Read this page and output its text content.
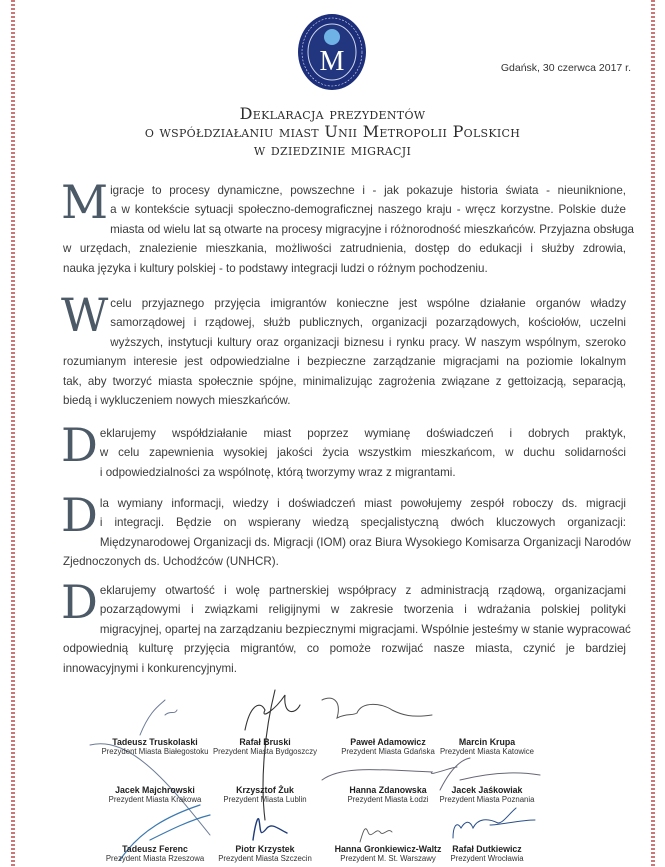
M	Gdańsk, 30 czerwca 2017 r.
Deklaracja prezydentów
o współdziałaniu miast Unii Metropolii Polskich
w dziedzinie migracji
M igracje to procesy dynamiczne, powszechne i - jak pokazuje historia świata - nieuniknione,
a w kontekście sytuacji społeczno-demograficznej naszego kraju - wręcz korzystne. Polskie duże
miasta od wielu lat są otwarte na procesy migracyjne i różnorodność mieszkańców. Przyjazna obsługa
w urzędach, znalezienie mieszkania, możliwości zatrudnienia, dostęp do edukacji i służby zdrowia,
nauka języka i kultury polskiej - to podstawy integracji ludzi o różnym pochodzeniu.
W celu przyjaznego przyjęcia imigrantów konieczne jest wspólne działanie organów władzy
samorządowej i rządowej, służb publicznych, organizacji pozarządowych, kościołów, uczelni
wyższych, instytucji kultury oraz organizacji biznesu i rynku pracy. W naszym wspólnym, szeroko
rozumianym interesie jest odpowiedzialne i bezpieczne zarządzanie migracjami na poziomie lokalnym
tak, aby tworzyć miasta społecznie spójne, minimalizując zagrożenia związane z gettoizacją, separacją,
biedą i wykluczeniem nowych mieszkańców.
D eklarujemy współdziałanie miast poprzez wymianę doświadczeń i dobrych praktyk,
w celu zapewnienia wysokiej jakości życia wszystkim mieszkańcom, w duchu solidarności
i odpowiedzialności za wspólnotę, którą tworzymy wraz z migrantami.
D la wymiany informacji, wiedzy i doświadczeń miast powołujemy zespół roboczy ds. migracji
i integracji. Będzie on wspierany wiedzą specjalistyczną dwóch kluczowych organizacji:
Międzynarodowej Organizacji ds. Migracji (IOM) oraz Biura Wysokiego Komisarza Organizacji Narodów
Zjednoczonych ds. Uchodźców (UNHCR).
D eklarujemy otwartość i wolę partnerskiej współpracy z administracją rządową, organizacjami
pozarządowymi i związkami religijnymi w zakresie tworzenia i wdrażania polskiej polityki
migracyjnej, opartej na zarządzaniu bezpiecznymi migracjami. Wspólnie jesteśmy w stanie wypracować
odpowiednią kulturę przyjęcia migrantów, co pomoże rozwijać nasze miasta, czynić je bardziej
innowacyjnymi i konkurencyjnymi.
Tadeusz Truskolaski
Prezydent Miasta Białegostoku
Rafał Bruski
Prezydent Miasta Bydgoszczy
Paweł Adamowicz
Prezydent Miasta Gdańska
Marcin Krupa
Prezydent Miasta Katowice
Jacek Majchrowski
Prezydent Miasta Krakowa
Krzysztof Żuk
Prezydent Miasta Lublin
Hanna Zdanowska
Prezydent Miasta Łodzi
Jacek Jaśkowiak
Prezydent Miasta Poznania
Tadeusz Ferenc
Prezydent Miasta Rzeszowa
Piotr Krzystek
Prezydent Miasta Szczecin
Hanna Gronkiewicz-Waltz
Prezydent M. St. Warszawy
Rafał Dutkiewicz
Prezydent Wrocławia
